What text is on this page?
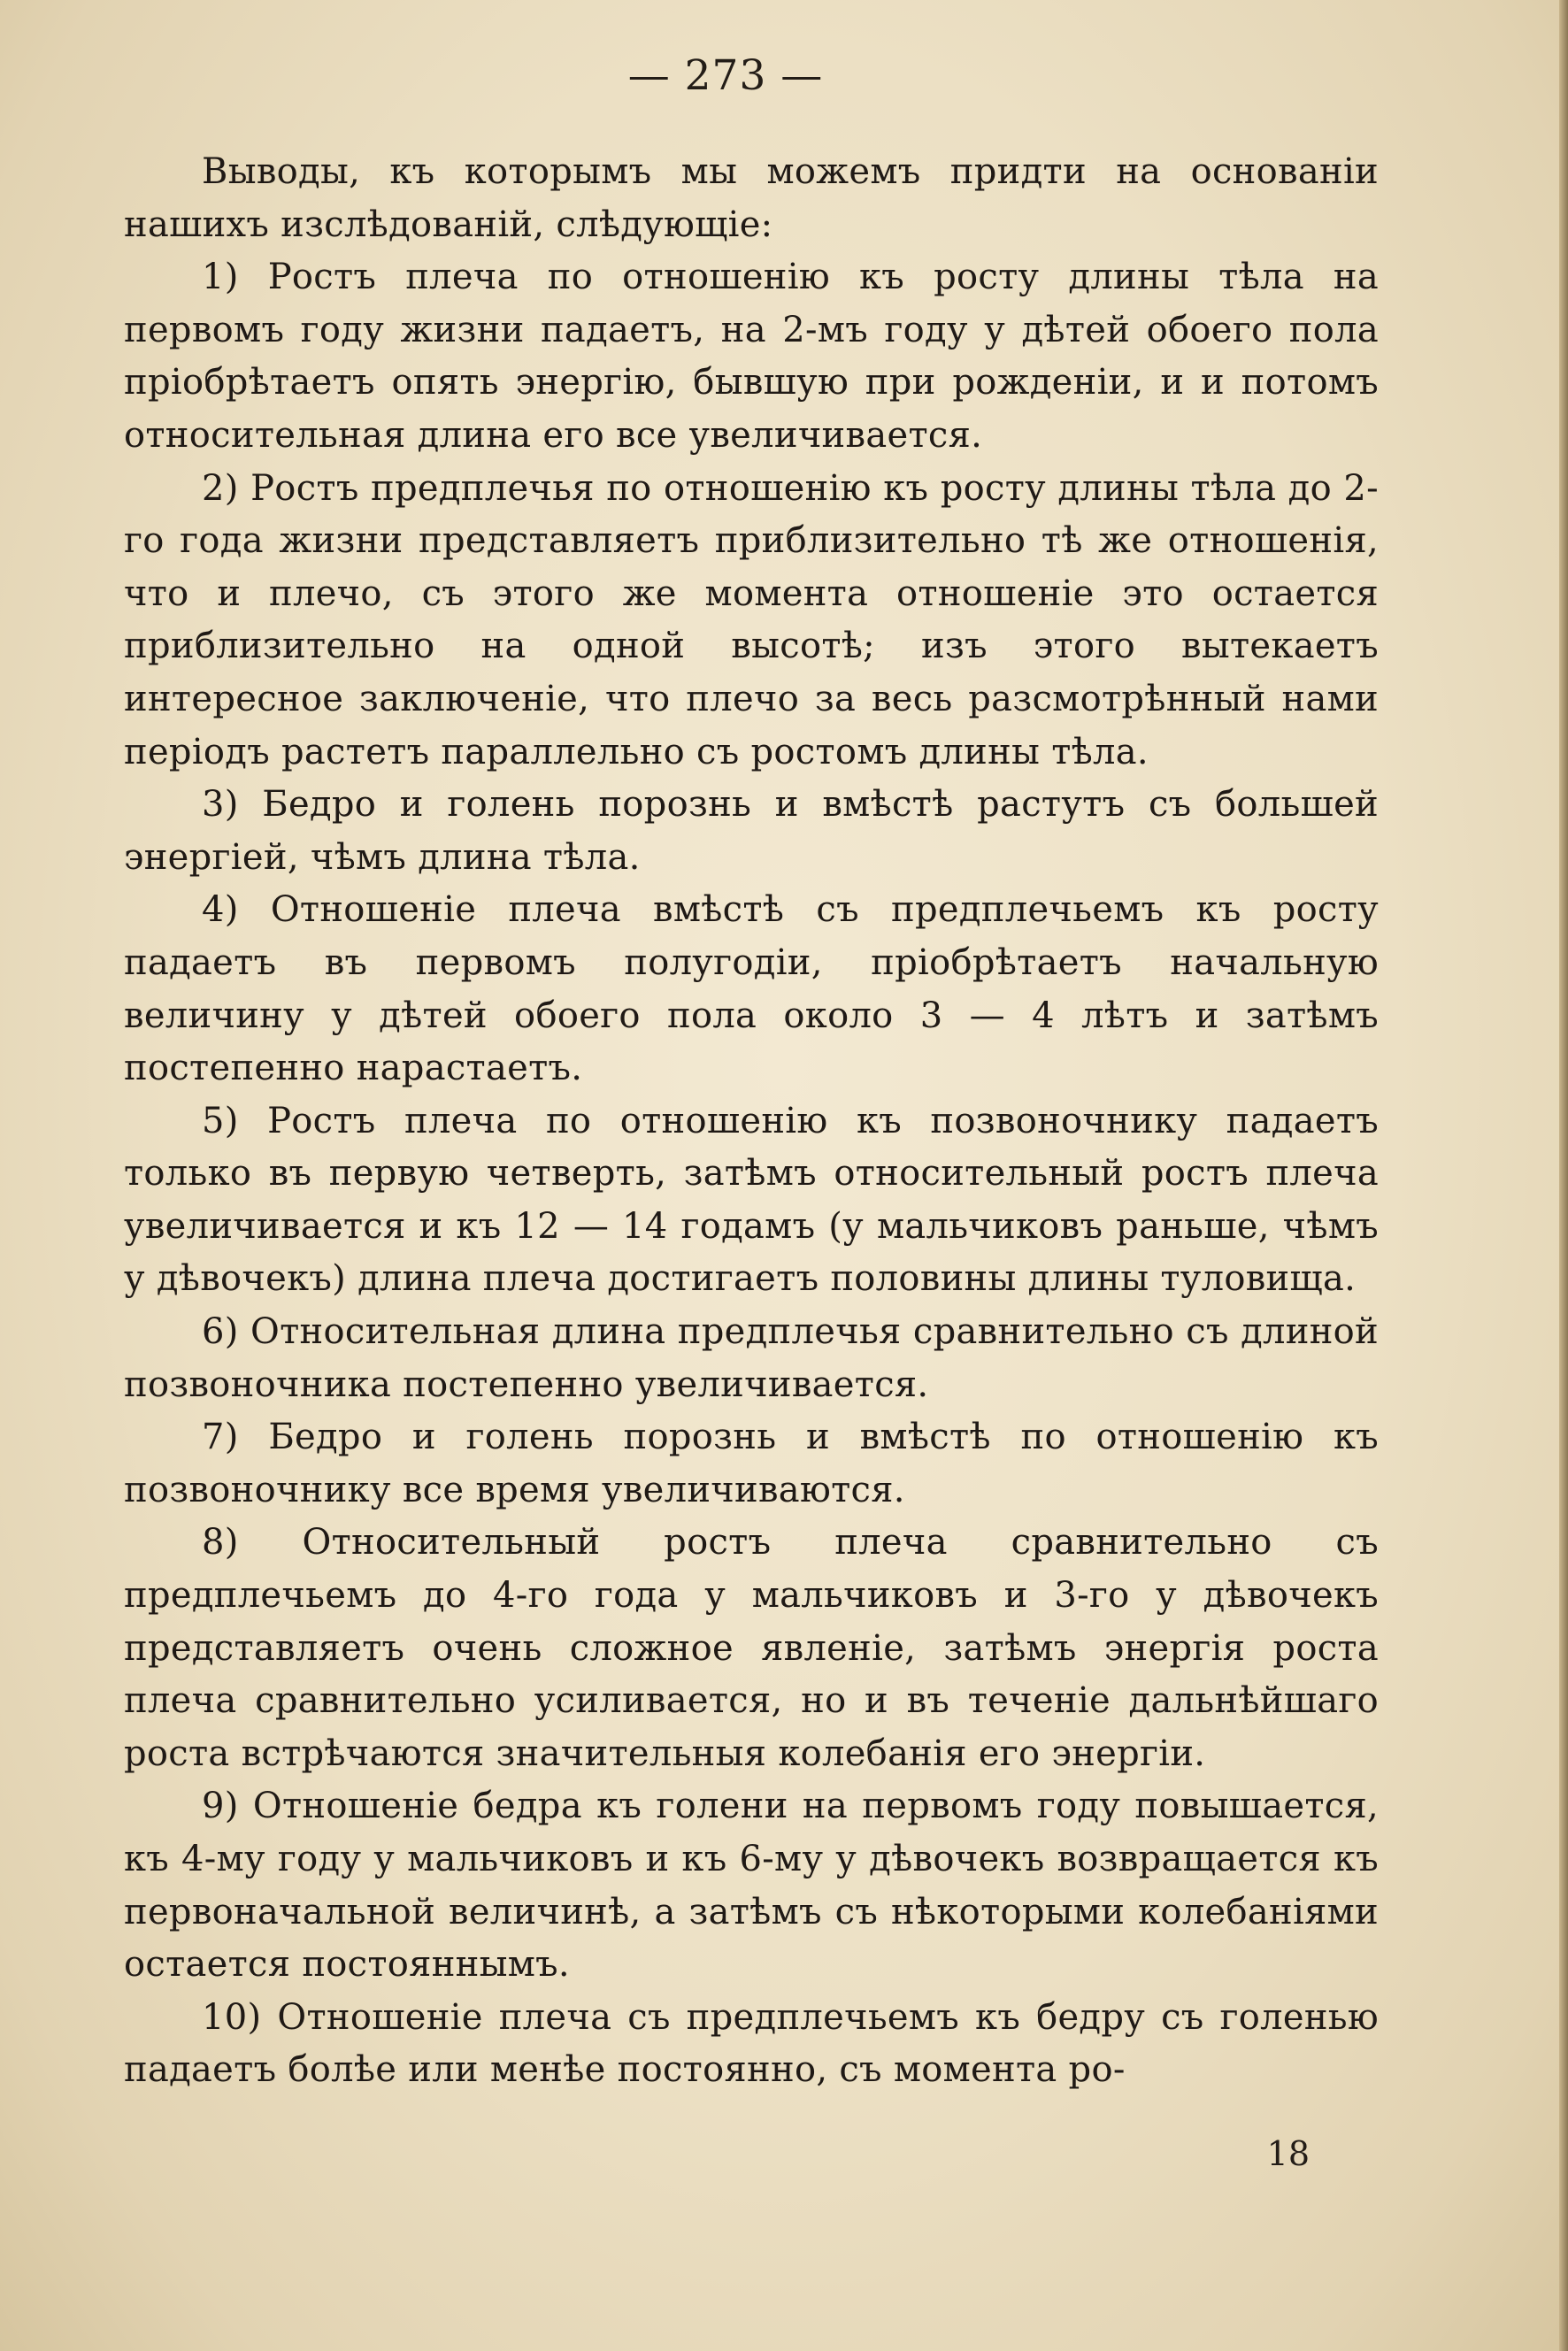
— 273 —

Выводы, къ которымъ мы можемъ придти на основаніи нашихъ изслѣдованій, слѣдующіе:

1) Ростъ плеча по отношенію къ росту длины тѣла на первомъ году жизни падаетъ, на 2-мъ году у дѣтей обоего пола пріобрѣтаетъ опять энергію, бывшую при рожденіи, и и потомъ относительная длина его все увеличивается.

2) Ростъ предплечья по отношенію къ росту длины тѣла до 2-го года жизни представляетъ приблизительно тѣ же отношенія, что и плечо, съ этого же момента отношеніе это остается приблизительно на одной высотѣ; изъ этого вытекаетъ интересное заключеніе, что плечо за весь разсмотрѣнный нами періодъ растетъ параллельно съ ростомъ длины тѣла.

3) Бедро и голень порознь и вмѣстѣ растутъ съ большей энергіей, чѣмъ длина тѣла.

4) Отношеніе плеча вмѣстѣ съ предплечьемъ къ росту падаетъ въ первомъ полугодіи, пріобрѣтаетъ начальную величину у дѣтей обоего пола около 3 — 4 лѣтъ и затѣмъ постепенно нарастаетъ.

5) Ростъ плеча по отношенію къ позвоночнику падаетъ только въ первую четверть, затѣмъ относительный ростъ плеча увеличивается и къ 12 — 14 годамъ (у мальчиковъ раньше, чѣмъ у дѣвочекъ) длина плеча достигаетъ половины длины туловища.

6) Относительная длина предплечья сравнительно съ длиной позвоночника постепенно увеличивается.

7) Бедро и голень порознь и вмѣстѣ по отношенію къ позвоночнику все время увеличиваются.

8) Относительный ростъ плеча сравнительно съ предплечьемъ до 4-го года у мальчиковъ и 3-го у дѣвочекъ представляетъ очень сложное явленіе, затѣмъ энергія роста плеча сравнительно усиливается, но и въ теченіе дальнѣйшаго роста встрѣчаются значительныя колебанія его энергіи.

9) Отношеніе бедра къ голени на первомъ году повышается, къ 4-му году у мальчиковъ и къ 6-му у дѣвочекъ возвращается къ первоначальной величинѣ, а затѣмъ съ нѣкоторыми колебаніями остается постояннымъ.

10) Отношеніе плеча съ предплечьемъ къ бедру съ голенью падаетъ болѣе или менѣе постоянно, съ момента ро-

18
